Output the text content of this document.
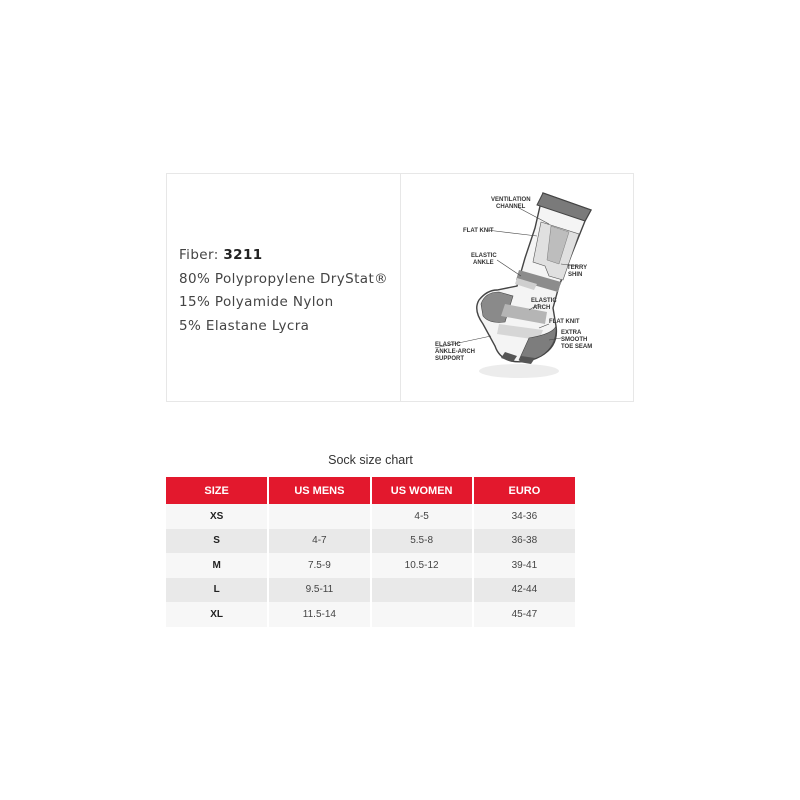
Fiber: 3211
80% Polypropylene DryStat®
15% Polyamide Nylon
5% Elastane Lycra
VENTILATION
CHANNEL
FLAT KNIT
ELASTIC
ANKLE
TERRY
SHIN
ELASTIC
ARCH
FLAT KNIT
EXTRA
SMOOTH
TOE SEAM
ELASTIC
ANKLE-ARCH
SUPPORT
Sock size chart
SIZE	US MENS	US WOMEN	EURO
XS		4-5	34-36
S	4-7	5.5-8	36-38
M	7.5-9	10.5-12	39-41
L	9.5-11		42-44
XL	11.5-14		45-47
